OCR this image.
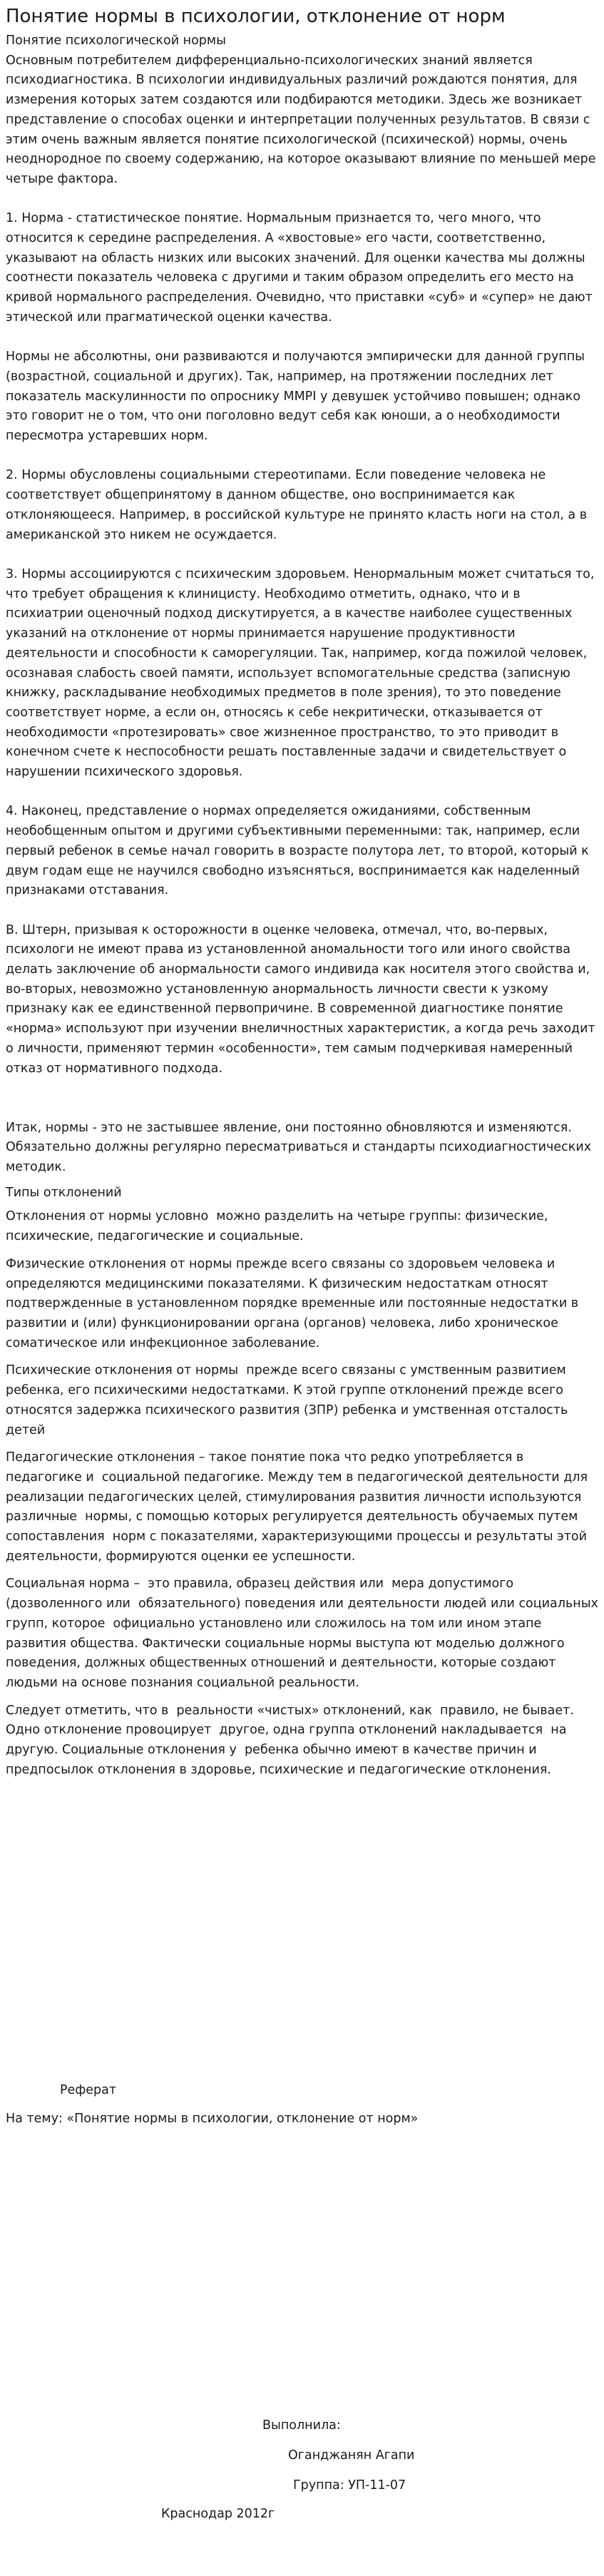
Понятие нормы в психологии, отклонение от норм
Понятие психологической нормы
Основным потребителем дифференциально-психологических знаний является психодиагностика. В психологии индивидуальных различий рождаются понятия, для измерения которых затем создаются или подбираются методики. Здесь же возникает представление о способах оценки и интерпретации полученных результатов. В связи с этим очень важным является понятие психологической (психической) нормы, очень неоднородное по своему содержанию, на которое оказывают влияние по меньшей мере четыре фактора.

1. Норма - статистическое понятие. Нормальным признается то, чего много, что относится к середине распределения. А «хвостовые» его части, соответственно, указывают на область низких или высоких значений. Для оценки качества мы должны соотнести показатель человека с другими и таким образом определить его место на кривой нормального распределения. Очевидно, что приставки «суб» и «супер» не дают этической или прагматической оценки качества.

Нормы не абсолютны, они развиваются и получаются эмпирически для данной группы (возрастной, социальной и других). Так, например, на протяжении последних лет показатель маскулинности по опроснику MMPI у девушек устойчиво повышен; однако это говорит не о том, что они поголовно ведут себя как юноши, а о необходимости пересмотра устаревших норм.

2. Нормы обусловлены социальными стереотипами. Если поведение человека не соответствует общепринятому в данном обществе, оно воспринимается как отклоняющееся. Например, в российской культуре не принято класть ноги на стол, а в американской это никем не осуждается.

3. Нормы ассоциируются с психическим здоровьем. Ненормальным может считаться то, что требует обращения к клиницисту. Необходимо отметить, однако, что и в психиатрии оценочный подход дискутируется, а в качестве наиболее существенных указаний на отклонение от нормы принимается нарушение продуктивности деятельности и способности к саморегуляции. Так, например, когда пожилой человек, осознавая слабость своей памяти, использует вспомогательные средства (записную книжку, раскладывание необходимых предметов в поле зрения), то это поведение соответствует норме, а если он, относясь к себе некритически, отказывается от необходимости «протезировать» свое жизненное пространство, то это приводит в конечном счете к неспособности решать поставленные задачи и свидетельствует о нарушении психического здоровья.

4. Наконец, представление о нормах определяется ожиданиями, собственным необобщенным опытом и другими субъективными переменными: так, например, если первый ребенок в семье начал говорить в возрасте полутора лет, то второй, который к двум годам еще не научился свободно изъясняться, воспринимается как наделенный признаками отставания.

В. Штерн, призывая к осторожности в оценке человека, отмечал, что, во-первых, психологи не имеют права из установленной аномальности того или иного свойства делать заключение об анормальности самого индивида как носителя этого свойства и, во-вторых, невозможно установленную анормальность личности свести к узкому признаку как ее единственной первопричине. В современной диагностике понятие «норма» используют при изучении внеличностных характеристик, а когда речь заходит о личности, применяют термин «особенности», тем самым подчеркивая намеренный отказ от нормативного подхода.

Итак, нормы - это не застывшее явление, они постоянно обновляются и изменяются. Обязательно должны регулярно пересматриваться и стандарты психодиагностических методик.
Типы отклонений

Отклонения от нормы условно  можно разделить на четыре группы: физические, психические, педагогические и социальные.

Физические отклонения от нормы прежде всего связаны со здоровьем человека и определяются медицинскими показателями. К физическим недостаткам относят подтвержденные в установленном порядке временные или постоянные недостатки в развитии и (или) функционировании органа (органов) человека, либо хроническое соматическое или инфекционное заболевание.

Психические отклонения от нормы  прежде всего связаны с умственным развитием ребенка, его психическими недостатками. К этой группе отклонений прежде всего относятся задержка психического развития (ЗПР) ребенка и умственная отсталость детей

Педагогические отклонения – такое понятие пока что редко употребляется в педагогике и  социальной педагогике. Между тем в педагогической деятельности для  реализации педагогических целей, стимулирования развития личности используются различные  нормы, с помощью которых регулируется деятельность обучаемых путем сопоставления  норм с показателями, характеризующими процессы и результаты этой деятельности, формируются оценки ее успешности.

Социальная норма –  это правила, образец действия или  мера допустимого (дозволенного или  обязательного) поведения или деятельности людей или социальных групп, которое  официально установлено или сложилось на том или ином этапе развития общества. Фактически социальные нормы выступа ют моделью должного поведения, должных общественных отношений и деятельности, которые создают  людьми на основе познания социальной реальности.

Следует отметить, что в  реальности «чистых» отклонений, как  правило, не бывает. Одно отклонение провоцирует  другое, одна группа отклонений накладывается  на другую. Социальные отклонения у  ребенка обычно имеют в качестве причин и предпосылок отклонения в здоровье, психические и педагогические отклонения.

Реферат
На тему: «Понятие нормы в психологии, отклонение от норм»
Выполнила:
Оганджанян Агапи
Группа: УП-11-07
Краснодар 2012г
